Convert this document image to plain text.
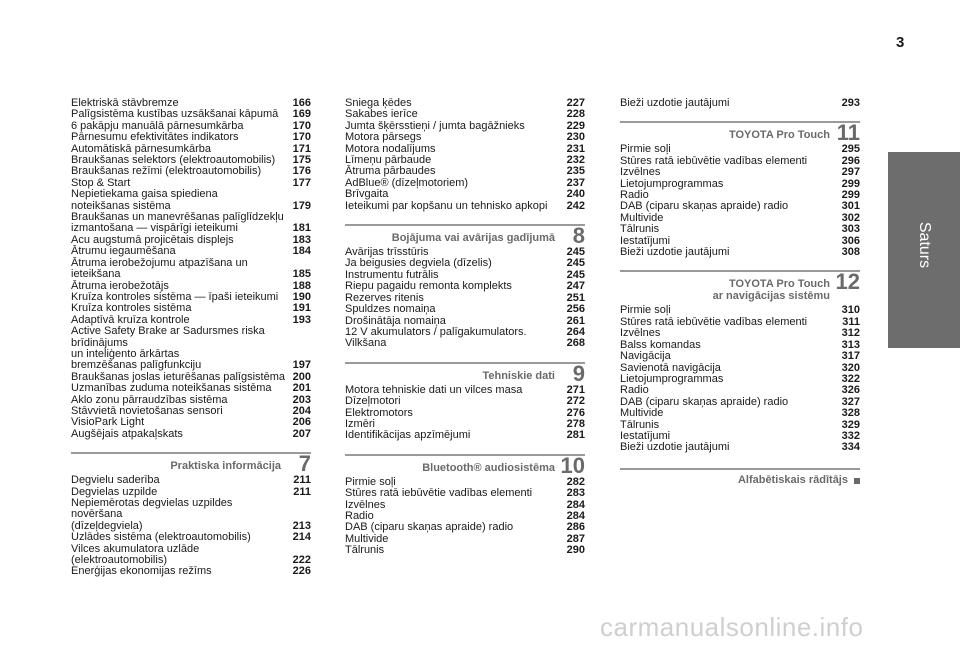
3
Saturs
Elektriskā stāvbremze	166
Palīgsistēma kustības uzsākšanai kāpumā	169
6 pakāpju manuālā pārnesumkārba	170
Pārnesumu efektivitātes indikators	170
Automātiskā pārnesumkārba	171
Braukšanas selektors (elektroautomobilis)	175
Braukšanas režīmi (elektroautomobilis)	176
Stop & Start	177
Nepietiekama gaisa spiediena
noteikšanas sistēma	179
Braukšanas un manevrēšanas palīglīdzekļu
izmantošana — vispārīgi ieteikumi	181
Acu augstumā projicētais displejs	183
Ātrumu iegaumēšana	184
Ātruma ierobežojumu atpazīšana un ieteikšana	185
Ātruma ierobežotājs	188
Kruīza kontroles sistēma — īpaši ieteikumi	190
Kruīza kontroles sistēma	191
Adaptīvā kruīza kontrole	193
Active Safety Brake ar Sadursmes riska brīdinājums
un inteliģento ārkārtas
bremzēšanas palīgfunkciju	197
Braukšanas joslas ieturēšanas palīgsistēma 200
Uzmanības zuduma noteikšanas sistēma	201
Aklo zonu pārraudzības sistēma	203
Stāvvietā novietošanas sensori	204
VisioPark Light	206
Augšējais atpakaļskats	207
Praktiska informācija 7
Degvielu saderība	211
Degvielas uzpilde	211
Nepiemērotas degvielas uzpildes novēršana
(dīzeļdegviela)	213
Uzlādes sistēma (elektroautomobilis)	214
Vilces akumulatora uzlāde (elektroautomobilis)	222
Enerģijas ekonomijas režīms	226
Sniega ķēdes	227
Sakabes ierīce	228
Jumta šķērsstieņi / jumta bagāžnieks	229
Motora pārsegs	230
Motora nodalījums	231
Līmeņu pārbaude	232
Ātruma pārbaudes	235
AdBlue® (dīzeļmotoriem)	237
Brīvgaita	240
Ieteikumi par kopšanu un tehnisko apkopi	242
Bojājuma vai avārijas gadījumā 8
Avārijas trīsstūris	245
Ja beigusies degviela (dīzelis)	245
Instrumentu futrālis	245
Riepu pagaidu remonta komplekts	247
Rezerves ritenis	251
Spuldzes nomaiņa	256
Drošinātāja nomaiņa	261
12 V akumulators / palīgakumulators.	264
Vilkšana	268
Tehniskie dati 9
Motora tehniskie dati un vilces masa	271
Dīzeļmotori	272
Elektromotors	276
Izmēri	278
Identifikācijas apzīmējumi	281
Bluetooth® audiosistēma 10
Pirmie soļi	282
Stūres ratā iebūvētie vadības elementi	283
Izvēlnes	284
Radio	284
DAB (ciparu skaņas apraide) radio	286
Multivide	287
Tālrunis	290
Bieži uzdotie jautājumi	293
TOYOTA Pro Touch 11
Pirmie soļi	295
Stūres ratā iebūvētie vadības elementi	296
Izvēlnes	297
Lietojumprogrammas	299
Radio	299
DAB (ciparu skaņas apraide) radio	301
Multivide	302
Tālrunis	303
Iestatījumi	306
Bieži uzdotie jautājumi	308
TOYOTA Pro Touch
ar navigācijas sistēmu
12
Pirmie soļi	310
Stūres ratā iebūvētie vadības elementi	311
Izvēlnes	312
Balss komandas	313
Navigācija	317
Savienotā navigācija	320
Lietojumprogrammas	322
Radio	326
DAB (ciparu skaņas apraide) radio	327
Multivide	328
Tālrunis	329
Iestatījumi	332
Bieži uzdotie jautājumi	334
Alfabētiskais rādītājs
carmanualsonline.info
